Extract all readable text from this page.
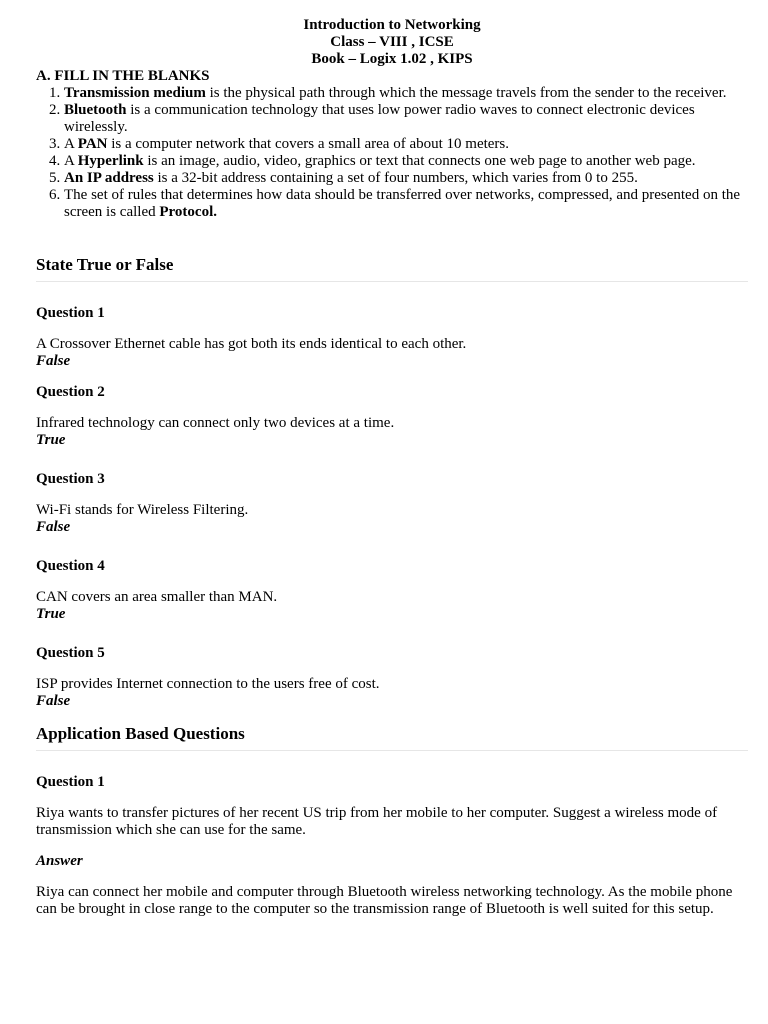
Introduction to Networking
Class – VIII , ICSE
Book – Logix 1.02 , KIPS
A. FILL IN THE BLANKS
1. Transmission medium is the physical path through which the message travels from the sender to the receiver.
2. Bluetooth is a communication technology that uses low power radio waves to connect electronic devices wirelessly.
3. A PAN is a computer network that covers a small area of about 10 meters.
4. A Hyperlink is an image, audio, video, graphics or text that connects one web page to another web page.
5. An IP address is a 32-bit address containing a set of four numbers, which varies from 0 to 255.
6. The set of rules that determines how data should be transferred over networks, compressed, and presented on the screen is called Protocol.
State True or False

Question 1

A Crossover Ethernet cable has got both its ends identical to each other.

False

Question 2

Infrared technology can connect only two devices at a time.

True

Question 3

Wi-Fi stands for Wireless Filtering.

False

Question 4

CAN covers an area smaller than MAN.

True

Question 5

ISP provides Internet connection to the users free of cost.

False

Application Based Questions

Question 1

Riya wants to transfer pictures of her recent US trip from her mobile to her computer. Suggest a wireless mode of transmission which she can use for the same.

Answer

Riya can connect her mobile and computer through Bluetooth wireless networking technology. As the mobile phone can be brought in close range to the computer so the transmission range of Bluetooth is well suited for this setup.
